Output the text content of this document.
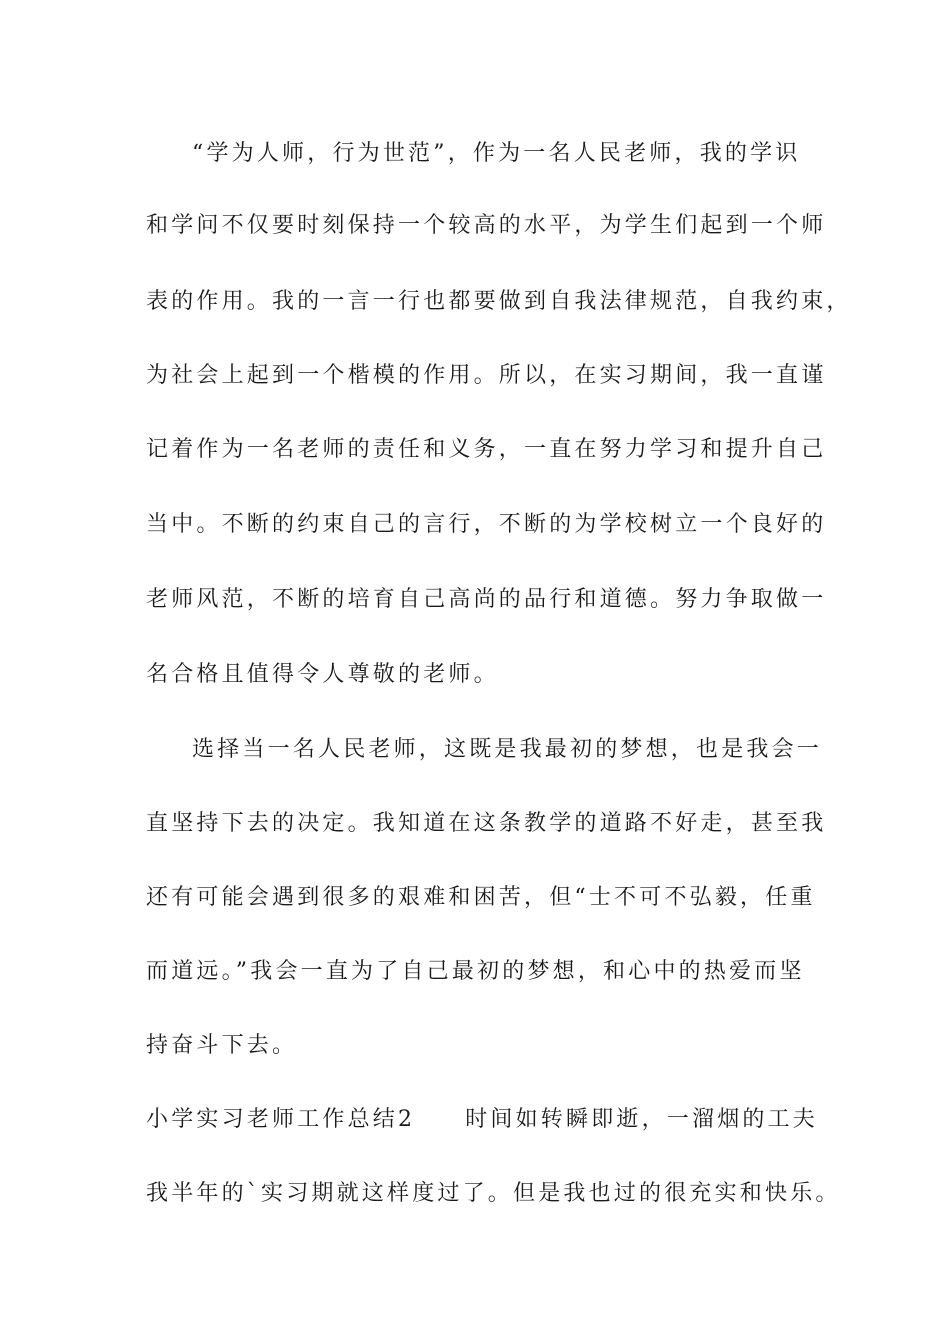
“学为人师，行为世范”，作为一名人民老师，我的学识
和学问不仅要时刻保持一个较高的水平，为学生们起到一个师
表的作用。我的一言一行也都要做到自我法律规范，自我约束，
为社会上起到一个楷模的作用。所以，在实习期间，我一直谨
记着作为一名老师的责任和义务，一直在努力学习和提升自己
当中。不断的约束自己的言行，不断的为学校树立一个良好的
老师风范，不断的培育自己高尚的品行和道德。努力争取做一
名合格且值得令人尊敬的老师。
选择当一名人民老师，这既是我最初的梦想，也是我会一
直坚持下去的决定。我知道在这条教学的道路不好走，甚至我
还有可能会遇到很多的艰难和困苦，但“士不可不弘毅，任重
而道远。”我会一直为了自己最初的梦想，和心中的热爱而坚
持奋斗下去。
小学实习老师工作总结2 时间如转瞬即逝，一溜烟的工夫
我半年的`实习期就这样度过了。但是我也过的很充实和快乐。
